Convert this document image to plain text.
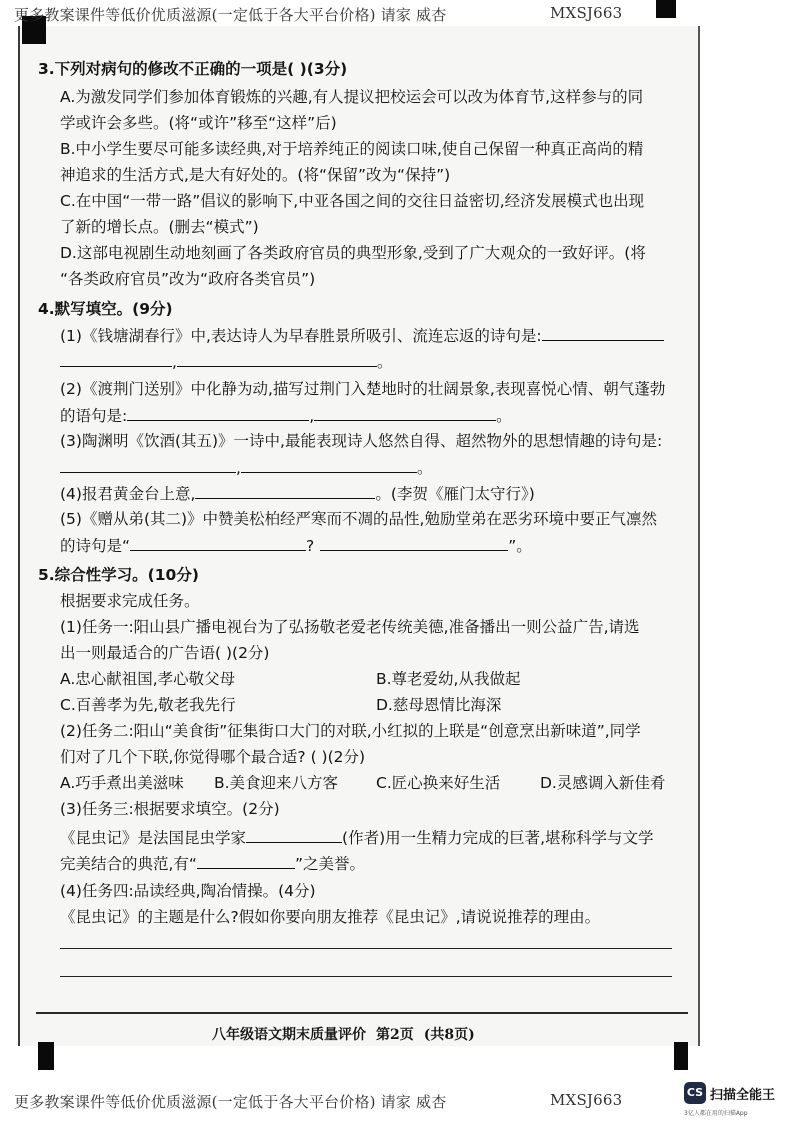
更多教案课件等低价优质滋源(一定低于各大平台价格) 请家 威杏	MXSJ663
3.下列对病句的修改不正确的一项是( )(3分)
A.为激发同学们参加体育锻炼的兴趣,有人提议把校运会可以改为体育节,这样参与的同
学或许会多些。(将“或许”移至“这样”后)
B.中小学生要尽可能多读经典,对于培养纯正的阅读口味,使自己保留一种真正高尚的精
神追求的生活方式,是大有好处的。(将“保留”改为“保持”)
C.在中国“一带一路”倡议的影响下,中亚各国之间的交往日益密切,经济发展模式也出现
了新的增长点。(删去“模式”)
D.这部电视剧生动地刻画了各类政府官员的典型形象,受到了广大观众的一致好评。(将
“各类政府官员”改为“政府各类官员”)
4.默写填空。(9分)
(1)《钱塘湖春行》中,表达诗人为早春胜景所吸引、流连忘返的诗句是:
,	。
(2)《渡荆门送别》中化静为动,描写过荆门入楚地时的壮阔景象,表现喜悦心情、朝气蓬勃
的语句是:	,	。
(3)陶渊明《饮酒(其五)》一诗中,最能表现诗人悠然自得、超然物外的思想情趣的诗句是:
,	。
(4)报君黄金台上意,	。(李贺《雁门太守行》)
(5)《赠从弟(其二)》中赞美松柏经严寒而不凋的品性,勉励堂弟在恶劣环境中要正气凛然
的诗句是“	?	”。
5.综合性学习。(10分)
根据要求完成任务。
(1)任务一:阳山县广播电视台为了弘扬敬老爱老传统美德,准备播出一则公益广告,请选
出一则最适合的广告语( )(2分)
A.忠心献祖国,孝心敬父母	B.尊老爱幼,从我做起
C.百善孝为先,敬老我先行	D.慈母恩情比海深
(2)任务二:阳山“美食街”征集街口大门的对联,小红拟的上联是“创意烹出新味道”,同学
们对了几个下联,你觉得哪个最合适? ( )(2分)
A.巧手煮出美滋味 B.美食迎来八方客 C.匠心换来好生活	D.灵感调入新佳肴
(3)任务三:根据要求填空。(2分)
《昆虫记》是法国昆虫学家	(作者)用一生精力完成的巨著,堪称科学与文学
完美结合的典范,有“	”之美誉。
(4)任务四:品读经典,陶冶情操。(4分)
《昆虫记》的主题是什么?假如你要向朋友推荐《昆虫记》,请说说推荐的理由。
八年级语文期末质量评价 第2页 (共8页)
更多教案课件等低价优质滋源(一定低于各大平台价格) 请家 威杏	MXSJ663	CS 扫描全能王
3亿人都在用的扫描App
